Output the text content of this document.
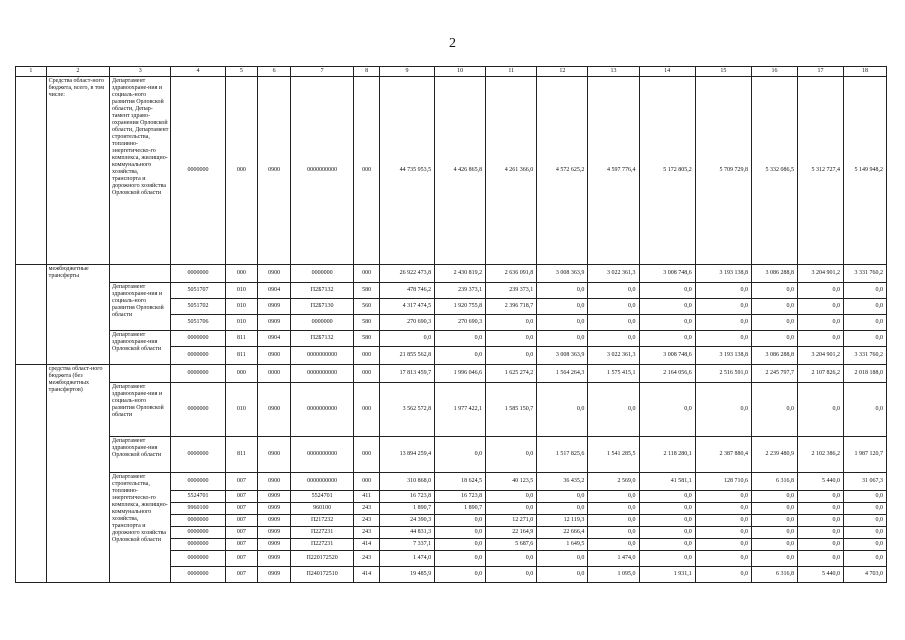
2
1	2	3	4	5	6	7	8	9	10	11	12	13	14	15	16	17	18
	Средства област-ного бюджета, всего, в том числе:	Департамент здравоохране-ния и социаль-ного развития Орловской области, Депар-тамент здраво-охранения Орловской области, Департамент строительства, топливно-энергетическо-го комплекса, жилищно-коммунального хозяйства, транспорта и дорожного хозяйства Орловской области	0000000	000	0900	0000000000	000	44 735 953,5	4 426 865,8	4 261 366,0	4 572 625,2	4 597 776,4	5 172 805,2	5 709 729,8	5 332 086,5	5 312 727,4	5 149 948,2
	межбюджетные трансферты		0000000	000	0900	0000000	000	26 922 473,8	2 430 819,2	2 636 091,8	3 008 363,9	3 022 361,3	3 008 748,6	3 193 138,8	3 086 288,8	3 204 901,2	3 331 760,2
		Департамент здравоохране-ния и социаль-ного развития Орловской области	5051707	010	0904	П2Б7132	580	478 746,2	239 373,1	239 373,1	0,0	0,0	0,0	0,0	0,0	0,0	0,0
			5051702	010	0909	П2Б7130	560	4 317 474,5	1 920 755,8	2 396 718,7	0,0	0,0	0,0	0,0	0,0	0,0	0,0
			5051706	010	0909	0000000	580	270 690,3	270 690,3	0,0	0,0	0,0	0,0	0,0	0,0	0,0	0,0
		Департамент здравоохране-ния Орловской области	0000000	811	0904	П2Б7132	580	0,0	0,0	0,0	0,0	0,0	0,0	0,0	0,0	0,0	0,0
			0000000	811	0900	0000000000	000	21 855 562,8	0,0	0,0	3 008 363,9	3 022 361,3	3 008 748,6	3 193 138,8	3 086 288,8	3 204 901,2	3 331 760,2
	средства област-ного бюджета (без межбюджетных трансфертов)		0000000	000	0000	0000000000	000	17 813 459,7	1 996 046,6	1 625 274,2	1 564 264,3	1 575 415,1	2 164 056,6	2 516 591,0	2 245 797,7	2 107 826,2	2 018 188,0
		Департамент здравоохране-ния и социаль-ного развития Орловской области	0000000	010	0900	0000000000	000	3 562 572,8	1 977 422,1	1 585 150,7	0,0	0,0	0,0	0,0	0,0	0,0	0,0
		Департамент здравоохране-ния Орловской области	0000000	811	0900	0000000000	000	13 894 259,4	0,0	0,0	1 517 825,6	1 541 285,5	2 118 280,1	2 387 880,4	2 239 480,9	2 102 386,2	1 987 120,7
		Департамент строительства, топливно-энергетическо-го комплекса, жилищно-коммунального хозяйства, транспорта и дорожного хозяйства Орловской области	0000000	007	0900	0000000000	000	310 868,0	18 624,5	40 123,5	36 435,2	2 569,0	41 581,1	128 710,6	6 316,8	5 440,0	31 067,3
			5524701	007	0909	5524701	411	16 723,8	16 723,8	0,0	0,0	0,0	0,0	0,0	0,0	0,0	0,0
			9960100	007	0909	960100	243	1 890,7	1 890,7	0,0	0,0	0,0	0,0	0,0	0,0	0,0	0,0
			0000000	007	0909	П217232	243	24 390,3	0,0	12 271,0	12 119,3	0,0	0,0	0,0	0,0	0,0	0,0
			0000000	007	0909	П227231	243	44 831,3	0,0	22 164,9	22 666,4	0,0	0,0	0,0	0,0	0,0	0,0
			0000000	007	0909	П227231	414	7 337,1	0,0	5 687,6	1 649,5	0,0	0,0	0,0	0,0	0,0	0,0
			0000000	007	0909	П220172520	243	1 474,0	0,0	0,0	0,0	1 474,0	0,0	0,0	0,0	0,0	0,0
			0000000	007	0909	П240172510	414	19 485,9	0,0	0,0	0,0	1 095,0	1 931,1	0,0	6 316,8	5 440,0	4 703,0
